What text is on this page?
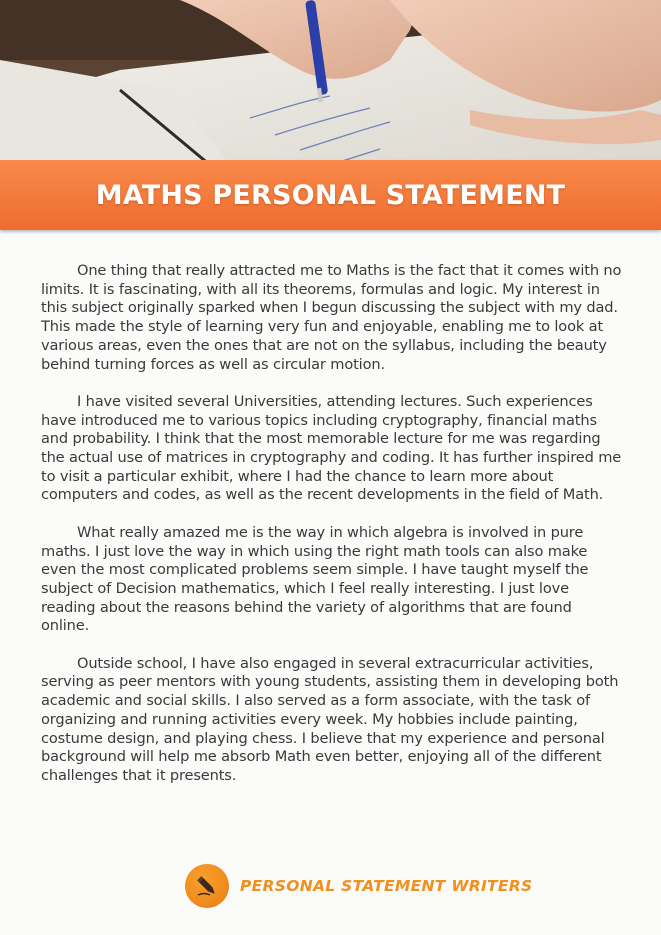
MATHS PERSONAL STATEMENT

One thing that really attracted me to Maths is the fact that it comes with no limits. It is fascinating, with all its theorems, formulas and logic. My interest in this subject originally sparked when I begun discussing the subject with my dad. This made the style of learning very fun and enjoyable, enabling me to look at various areas, even the ones that are not on the syllabus, including the beauty behind turning forces as well as circular motion.

I have visited several Universities, attending lectures. Such experiences have introduced me to various topics including cryptography, financial maths and probability. I think that the most memorable lecture for me was regarding the actual use of matrices in cryptography and coding. It has further inspired me to visit a particular exhibit, where I had the chance to learn more about computers and codes, as well as the recent developments in the field of Math.

What really amazed me is the way in which algebra is involved in pure maths. I just love the way in which using the right math tools can also make even the most complicated problems seem simple. I have taught myself the subject of Decision mathematics, which I feel really interesting. I just love reading about the reasons behind the variety of algorithms that are found online.

Outside school, I have also engaged in several extracurricular activities, serving as peer mentors with young students, assisting them in developing both academic and social skills. I also served as a form associate, with the task of organizing and running activities every week. My hobbies include painting, costume design, and playing chess. I believe that my experience and personal background will help me absorb Math even better, enjoying all of the different challenges that it presents.

PERSONAL STATEMENT WRITERS
